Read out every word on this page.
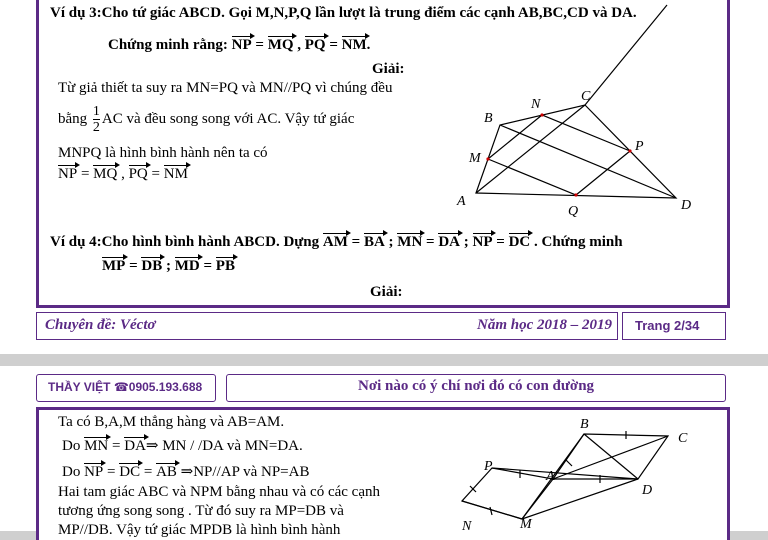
Ví dụ 3:Cho tứ giác ABCD. Gọi M,N,P,Q lần lượt là trung điểm các cạnh AB,BC,CD và DA.
Chứng minh rằng: NP = MQ , PQ = NM.
Giải:
Từ giả thiết ta suy ra MN=PQ và MN//PQ vì chúng đều
bằng $\frac{1}{2}$ AC và đều song song với AC. Vậy tứ giác
MNPQ là hình bình hành nên ta có
NP = MQ , PQ = NM
A
B
C
D
M
N
P
Q
Ví dụ 4:Cho hình bình hành ABCD. Dựng AM = BA ; MN = DA ; NP = DC . Chứng minh
MP = DB ; MD = PB
Giải:
Chuyên đề: Véctơ	Năm học 2018 – 2019 Trang 2/34
THẦY VIỆT ☎0905.193.688	Nơi nào có ý chí nơi đó có con đường
Ta có B,A,M thẳng hàng và AB=AM.
Do MN = DA⇒ MN / /DA và MN=DA.
Do NP = DC = AB ⇒NP//AP và NP=AB
Hai tam giác ABC và NPM bằng nhau và có các cạnh
tương ứng song song . Từ đó suy ra MP=DB và
MP//DB. Vậy tứ giác MPDB là hình bình hành
B
C
A
D
P
N	M
